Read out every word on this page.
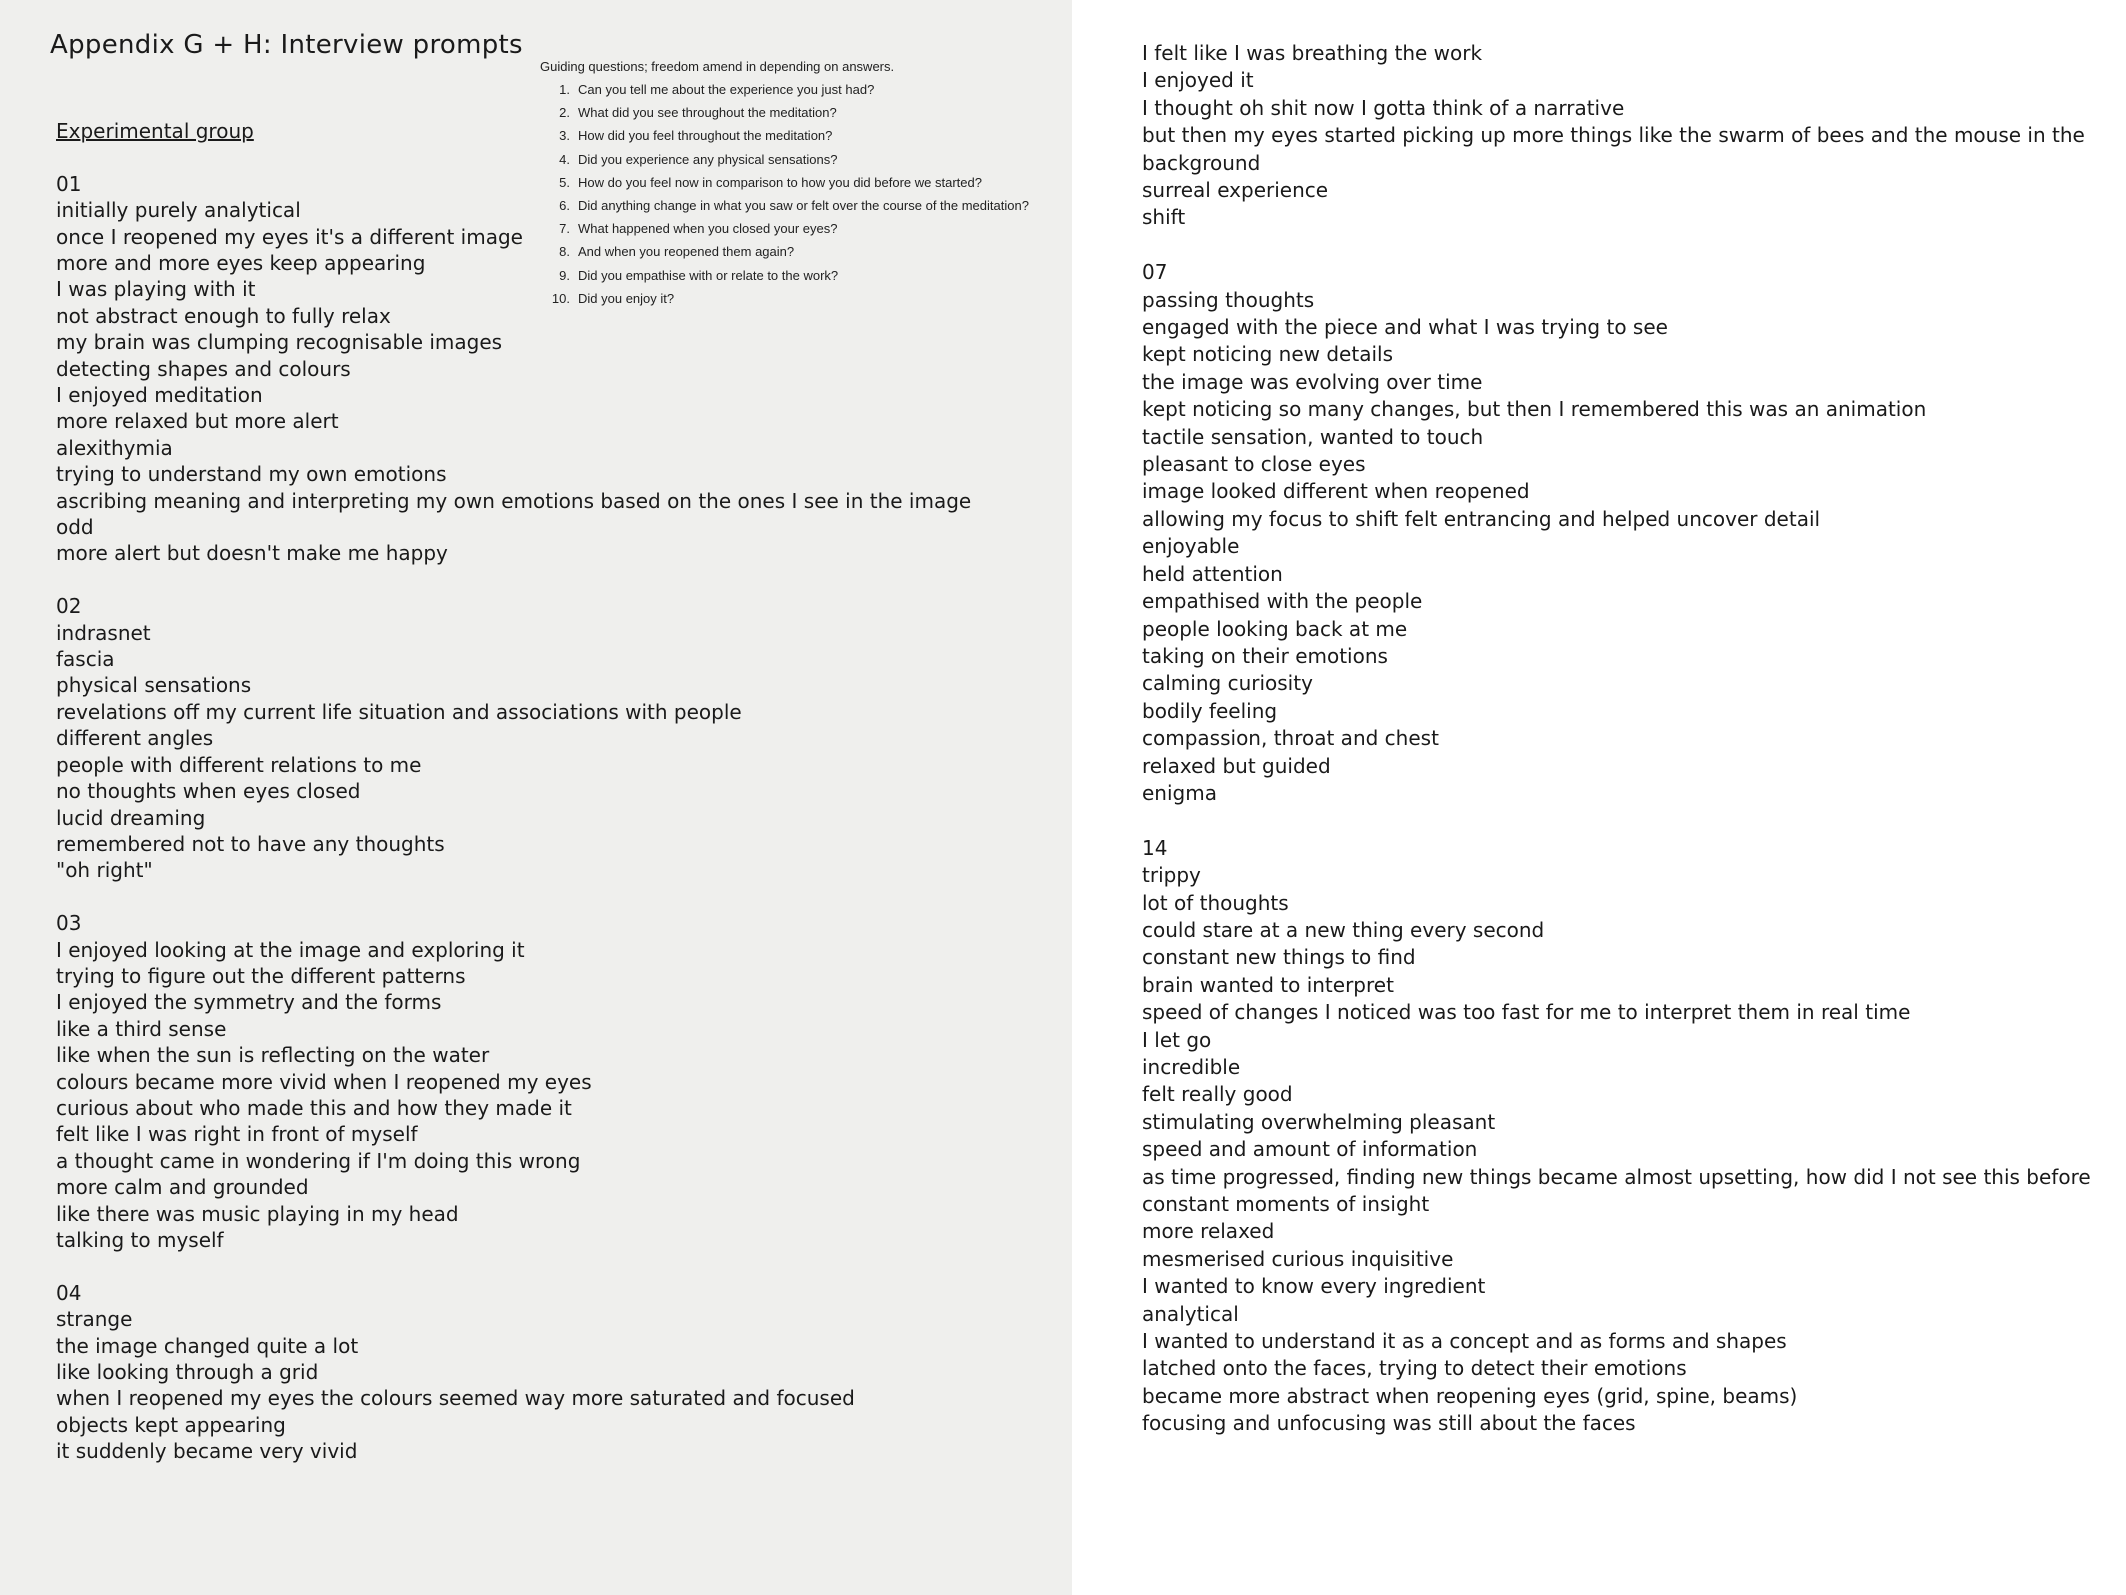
Appendix G + H: Interview prompts
Guiding questions; freedom amend in depending on answers.
1. Can you tell me about the experience you just had?
2. What did you see throughout the meditation?
3. How did you feel throughout the meditation?
4. Did you experience any physical sensations?
5. How do you feel now in comparison to how you did before we started?
6. Did anything change in what you saw or felt over the course of the meditation?
7. What happened when you closed your eyes?
8. And when you reopened them again?
9. Did you empathise with or relate to the work?
10. Did you enjoy it?
Experimental group
01
initially purely analytical
once I reopened my eyes it's a different image
more and more eyes keep appearing
I was playing with it
not abstract enough to fully relax
my brain was clumping recognisable images
detecting shapes and colours
I enjoyed meditation
more relaxed but more alert
alexithymia
trying to understand my own emotions
ascribing meaning and interpreting my own emotions based on the ones I see in the image
odd
more alert but doesn't make me happy
02
indrasnet
fascia
physical sensations
revelations off my current life situation and associations with people
different angles
people with different relations to me
no thoughts when eyes closed
lucid dreaming
remembered not to have any thoughts
"oh right"
03
I enjoyed looking at the image and exploring it
trying to figure out the different patterns
I enjoyed the symmetry and the forms
like a third sense
like when the sun is reflecting on the water
colours became more vivid when I reopened my eyes
curious about who made this and how they made it
felt like I was right in front of myself
a thought came in wondering if I'm doing this wrong
more calm and grounded
like there was music playing in my head
talking to myself
04
strange
the image changed quite a lot
like looking through a grid
when I reopened my eyes the colours seemed way more saturated and focused
objects kept appearing
it suddenly became very vivid
I felt like I was breathing the work
I enjoyed it
I thought oh shit now I gotta think of a narrative
but then my eyes started picking up more things like the swarm of bees and the mouse in the
background
surreal experience
shift
07
passing thoughts
engaged with the piece and what I was trying to see
kept noticing new details
the image was evolving over time
kept noticing so many changes, but then I remembered this was an animation
tactile sensation, wanted to touch
pleasant to close eyes
image looked different when reopened
allowing my focus to shift felt entrancing and helped uncover detail
enjoyable
held attention
empathised with the people
people looking back at me
taking on their emotions
calming curiosity
bodily feeling
compassion, throat and chest
relaxed but guided
enigma
14
trippy
lot of thoughts
could stare at a new thing every second
constant new things to find
brain wanted to interpret
speed of changes I noticed was too fast for me to interpret them in real time
I let go
incredible
felt really good
stimulating overwhelming pleasant
speed and amount of information
as time progressed, finding new things became almost upsetting, how did I not see this before
constant moments of insight
more relaxed
mesmerised curious inquisitive
I wanted to know every ingredient
analytical
I wanted to understand it as a concept and as forms and shapes
latched onto the faces, trying to detect their emotions
became more abstract when reopening eyes (grid, spine, beams)
focusing and unfocusing was still about the faces
